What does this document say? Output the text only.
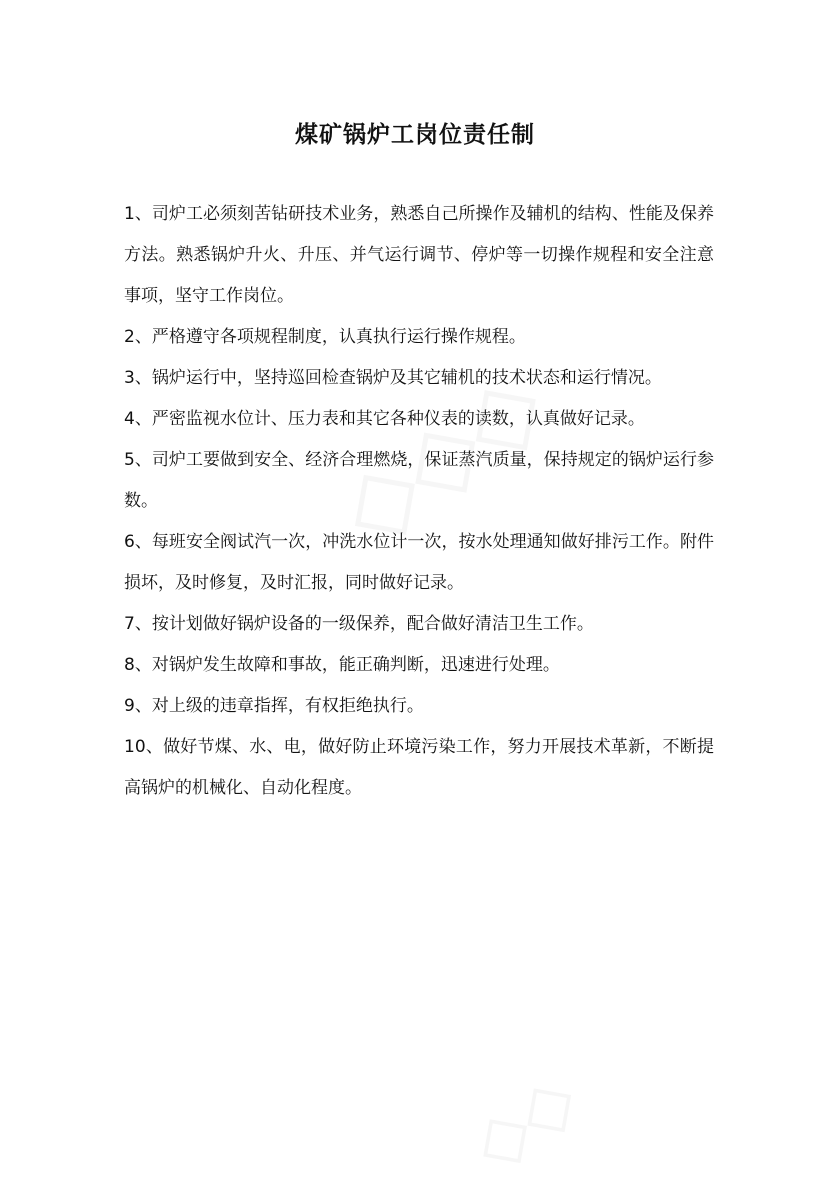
煤矿锅炉工岗位责任制

1、司炉工必须刻苦钻研技术业务，熟悉自己所操作及辅机的结构、性能及保养方法。熟悉锅炉升火、升压、并气运行调节、停炉等一切操作规程和安全注意事项，坚守工作岗位。

2、严格遵守各项规程制度，认真执行运行操作规程。

3、锅炉运行中，坚持巡回检查锅炉及其它辅机的技术状态和运行情况。

4、严密监视水位计、压力表和其它各种仪表的读数，认真做好记录。

5、司炉工要做到安全、经济合理燃烧，保证蒸汽质量，保持规定的锅炉运行参数。

6、每班安全阀试汽一次，冲洗水位计一次，按水处理通知做好排污工作。附件损坏，及时修复，及时汇报，同时做好记录。

7、按计划做好锅炉设备的一级保养，配合做好清洁卫生工作。

8、对锅炉发生故障和事故，能正确判断，迅速进行处理。

9、对上级的违章指挥，有权拒绝执行。

10、做好节煤、水、电，做好防止环境污染工作，努力开展技术革新，不断提高锅炉的机械化、自动化程度。
